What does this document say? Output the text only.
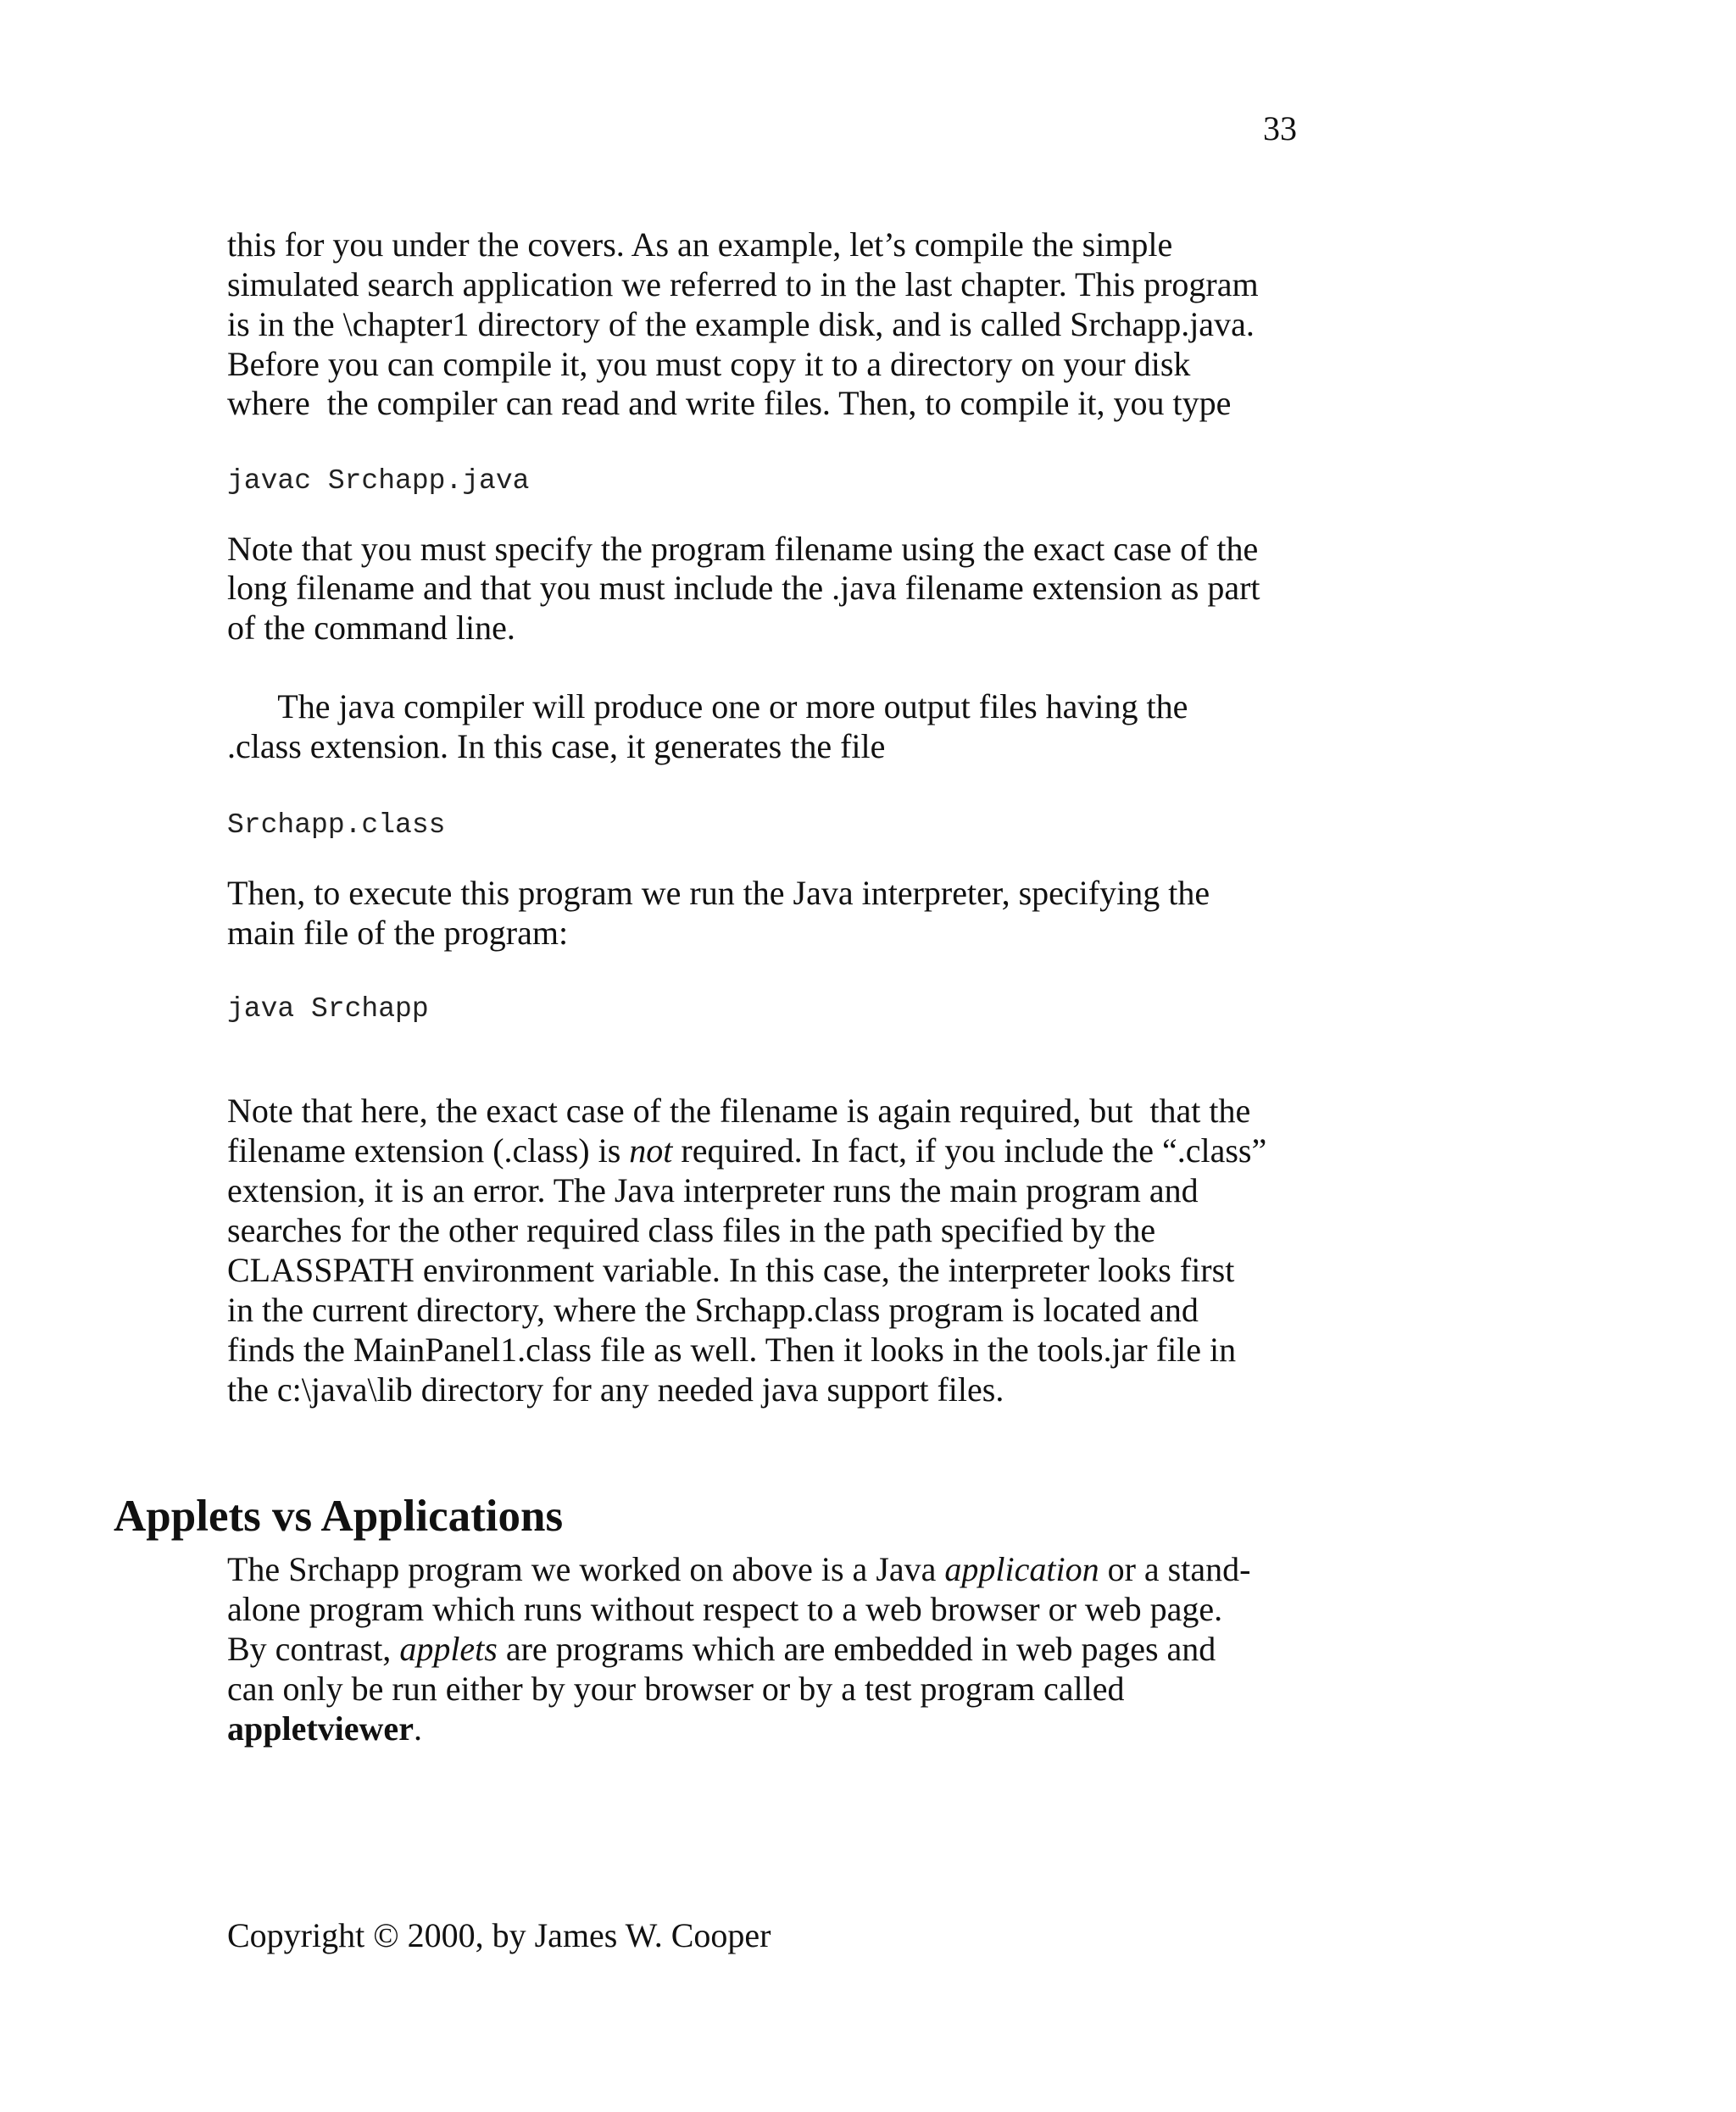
33
this for you under the covers. As an example, let’s compile the simple
simulated search application we referred to in the last chapter. This program
is in the \chapter1 directory of the example disk, and is called Srchapp.java.
Before you can compile it, you must copy it to a directory on your disk
where  the compiler can read and write files. Then, to compile it, you type
javac Srchapp.java
Note that you must specify the program filename using the exact case of the
long filename and that you must include the .java filename extension as part
of the command line.
The java compiler will produce one or more output files having the
.class extension. In this case, it generates the file
Srchapp.class
Then, to execute this program we run the Java interpreter, specifying the
main file of the program:
java Srchapp
Note that here, the exact case of the filename is again required, but  that the
filename extension (.class) is not required. In fact, if you include the “.class”
extension, it is an error. The Java interpreter runs the main program and
searches for the other required class files in the path specified by the
CLASSPATH environment variable. In this case, the interpreter looks first
in the current directory, where the Srchapp.class program is located and
finds the MainPanel1.class file as well. Then it looks in the tools.jar file in
the c:\java\lib directory for any needed java support files.
Applets vs Applications
The Srchapp program we worked on above is a Java application or a stand-
alone program which runs without respect to a web browser or web page.
By contrast, applets are programs which are embedded in web pages and
can only be run either by your browser or by a test program called
appletviewer.
Copyright © 2000, by James W. Cooper
